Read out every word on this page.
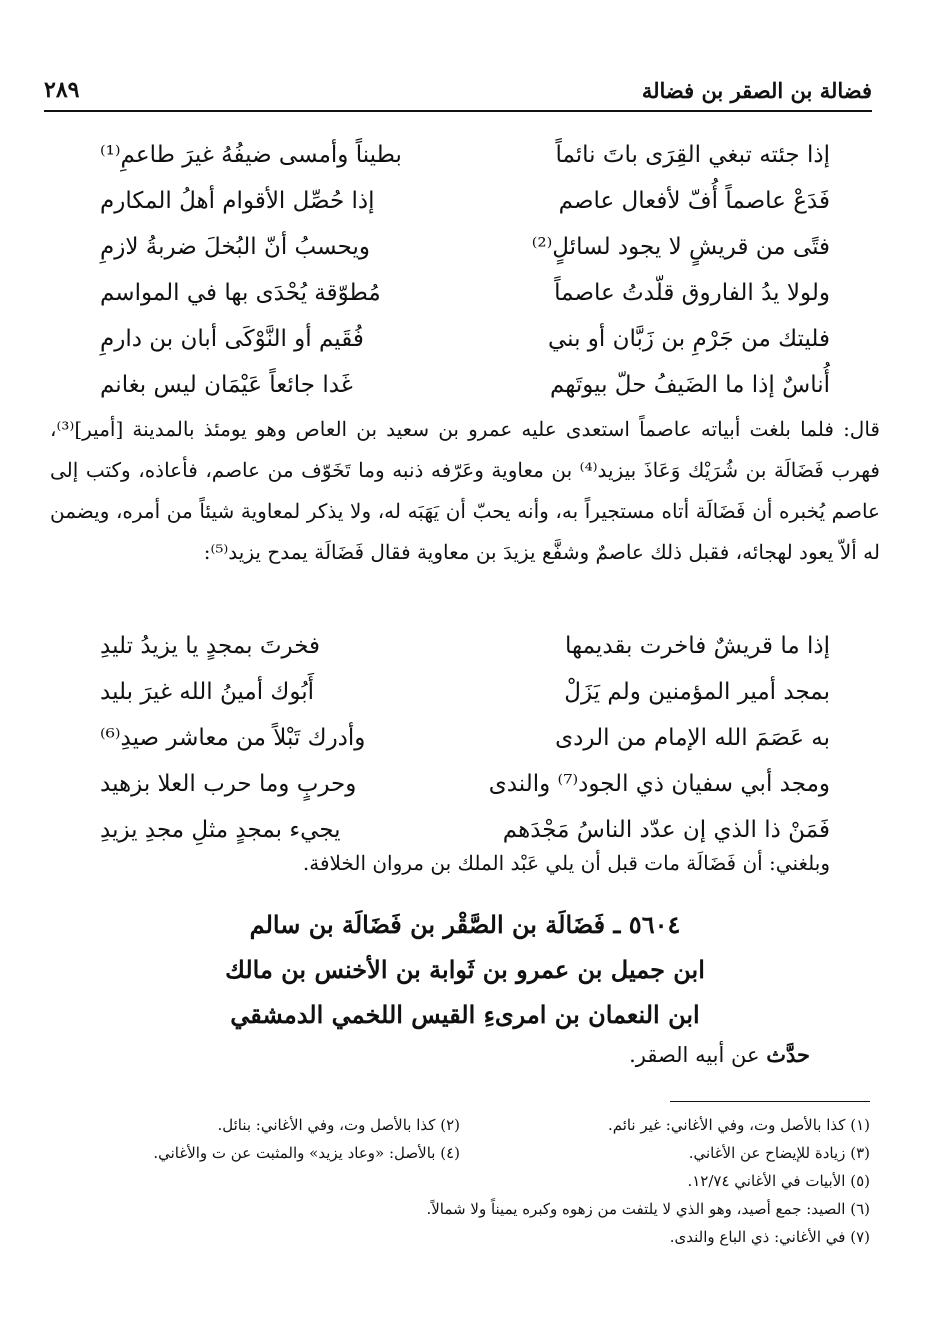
٢٨٩	فضالة بن الصقر بن فضالة
إذا جئته تبغي القِرَى باتَ نائماً
بطيناً وأمسى ضيفُهُ غيرَ طاعمِ⁽¹⁾
فَدَعْ عاصماً أُفّ لأفعال عاصم
إذا حُصِّل الأقوام أهلُ المكارم
فتًى من قريشٍ لا يجود لسائلٍ⁽²⁾
ويحسبُ أنّ البُخلَ ضربةُ لازمِ
ولولا يدُ الفاروق قلّدتُ عاصماً
مُطوّقة يُحْدَى بها في المواسم
فليتك من جَرْمِ بن زَبَّان أو بني
فُقَيم أو النَّوْكَى أبان بن دارمِ
أُناسٌ إذا ما الضَيفُ حلّ بيوتَهم
غَدا جائعاً عَيْمَان ليس بغانم

قال: فلما بلغت أبياته عاصماً استعدى عليه عمرو بن سعيد بن العاص وهو يومئذ بالمدينة [أمير]⁽³⁾، فهرب فَضَالَة بن شُرَيْك وَعَاذَ بيزيد⁽⁴⁾ بن معاوية وعَرّفه ذنبه وما تَخَوّف من عاصم، فأعاذه، وكتب إلى عاصم يُخبره أن فَضَالَة أتاه مستجيراً به، وأنه يحبّ أن يَهَبَه له، ولا يذكر لمعاوية شيئاً من أمره، ويضمن له ألاّ يعود لهجائه، فقبل ذلك عاصمٌ وشفَّع يزيدَ بن معاوية فقال فَضَالَة يمدح يزيد⁽⁵⁾:

إذا ما قريشٌ فاخرت بقديمها
فخرتَ بمجدٍ يا يزيدُ تليدِ
بمجد أمير المؤمنين ولم يَزَلْ
أَبُوك أمينُ الله غيرَ بليد
به عَصَمَ الله الإمام من الردى
وأدرك تَبْلاً من معاشر صيدِ⁽⁶⁾
ومجد أبي سفيان ذي الجود⁽⁷⁾ والندى
وحربٍ وما حرب العلا بزهيد
فَمَنْ ذا الذي إن عدّد الناسُ مَجْدَهم
يجيء بمجدٍ مثلِ مجدِ يزيدِ
وبلغني: أن فَضَالَة مات قبل أن يلي عَبْد الملك بن مروان الخلافة.
٥٦٠٤ ـ فَضَالَة بن الصَّقْر بن فَضَالَة بن سالم
ابن جميل بن عمرو بن ثَوابة بن الأخنس بن مالك
ابن النعمان بن امرىءِ القيس اللخمي الدمشقي
حدَّث عن أبيه الصقر.
(١) كذا بالأصل وت، وفي الأغاني: غير نائم.
(٢) كذا بالأصل وت، وفي الأغاني: بنائل.
(٣) زيادة للإيضاح عن الأغاني.
(٤) بالأصل: «وعاد يزيد» والمثبت عن ت والأغاني.
(٥) الأبيات في الأغاني ١٢/٧٤.
(٦) الصيد: جمع أصيد، وهو الذي لا يلتفت من زهوه وكبره يميناً ولا شمالاً.
(٧) في الأغاني: ذي الباع والندى.
